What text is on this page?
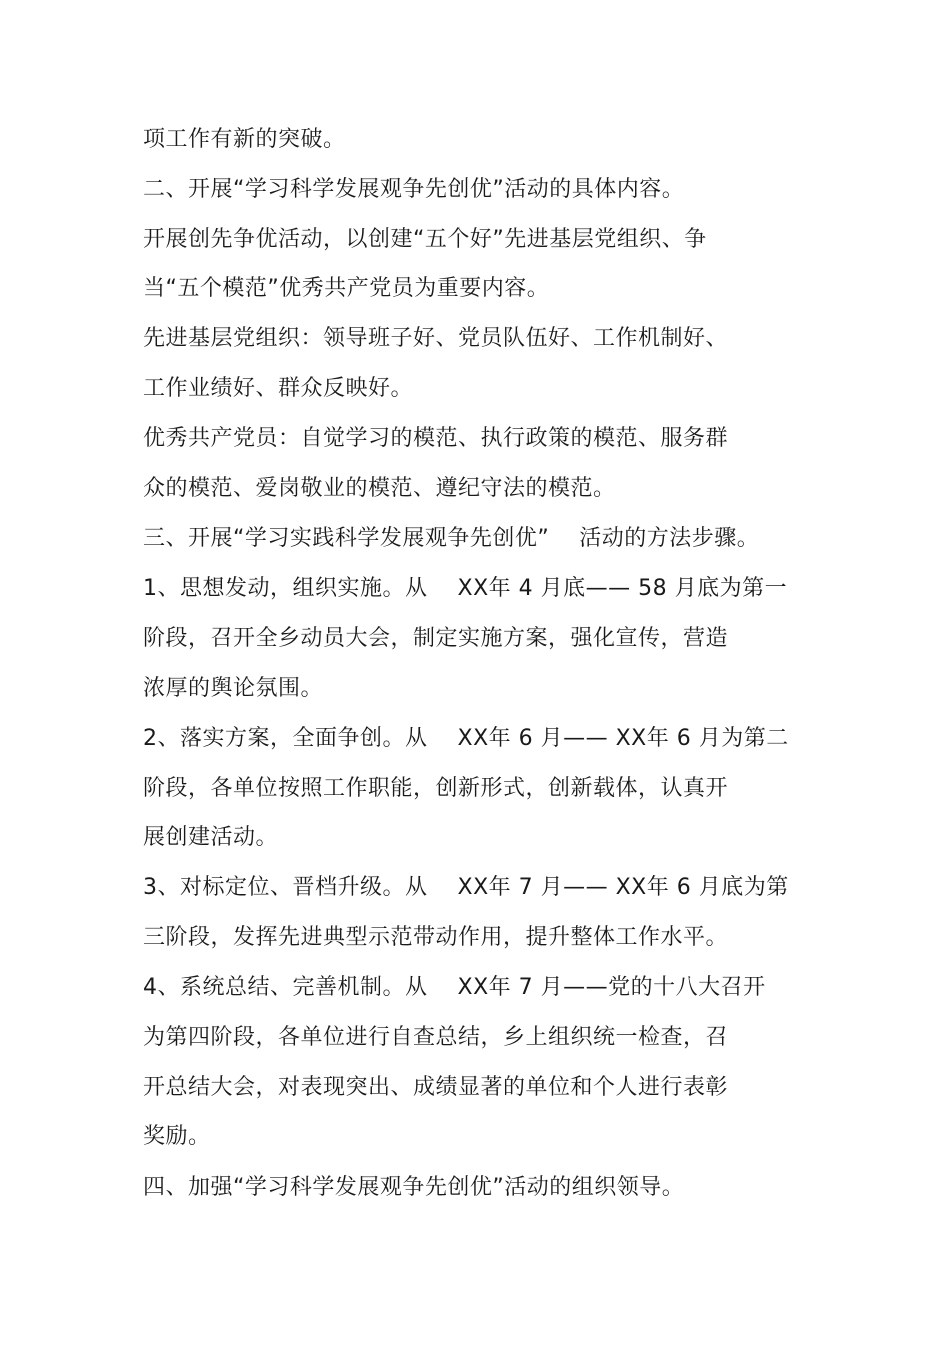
项工作有新的突破。
二、开展“学习科学发展观争先创优”活动的具体内容。
开展创先争优活动，以创建“五个好”先进基层党组织、争
当“五个模范”优秀共产党员为重要内容。
先进基层党组织：领导班子好、党员队伍好、工作机制好、
工作业绩好、群众反映好。
优秀共产党员：自觉学习的模范、执行政策的模范、服务群
众的模范、爱岗敬业的模范、遵纪守法的模范。
三、开展“学习实践科学发展观争先创优”　 活动的方法步骤。
1、思想发动，组织实施。从　 XX年 4 月底—— 58 月底为第一
阶段，召开全乡动员大会，制定实施方案，强化宣传，营造
浓厚的舆论氛围。
2、落实方案，全面争创。从　 XX年 6 月—— XX年 6 月为第二
阶段，各单位按照工作职能，创新形式，创新载体，认真开
展创建活动。
3、对标定位、晋档升级。从　 XX年 7 月—— XX年 6 月底为第
三阶段，发挥先进典型示范带动作用，提升整体工作水平。
4、系统总结、完善机制。从　 XX年 7 月——党的十八大召开
为第四阶段，各单位进行自查总结，乡上组织统一检查，召
开总结大会，对表现突出、成绩显著的单位和个人进行表彰
奖励。
四、加强“学习科学发展观争先创优”活动的组织领导。
